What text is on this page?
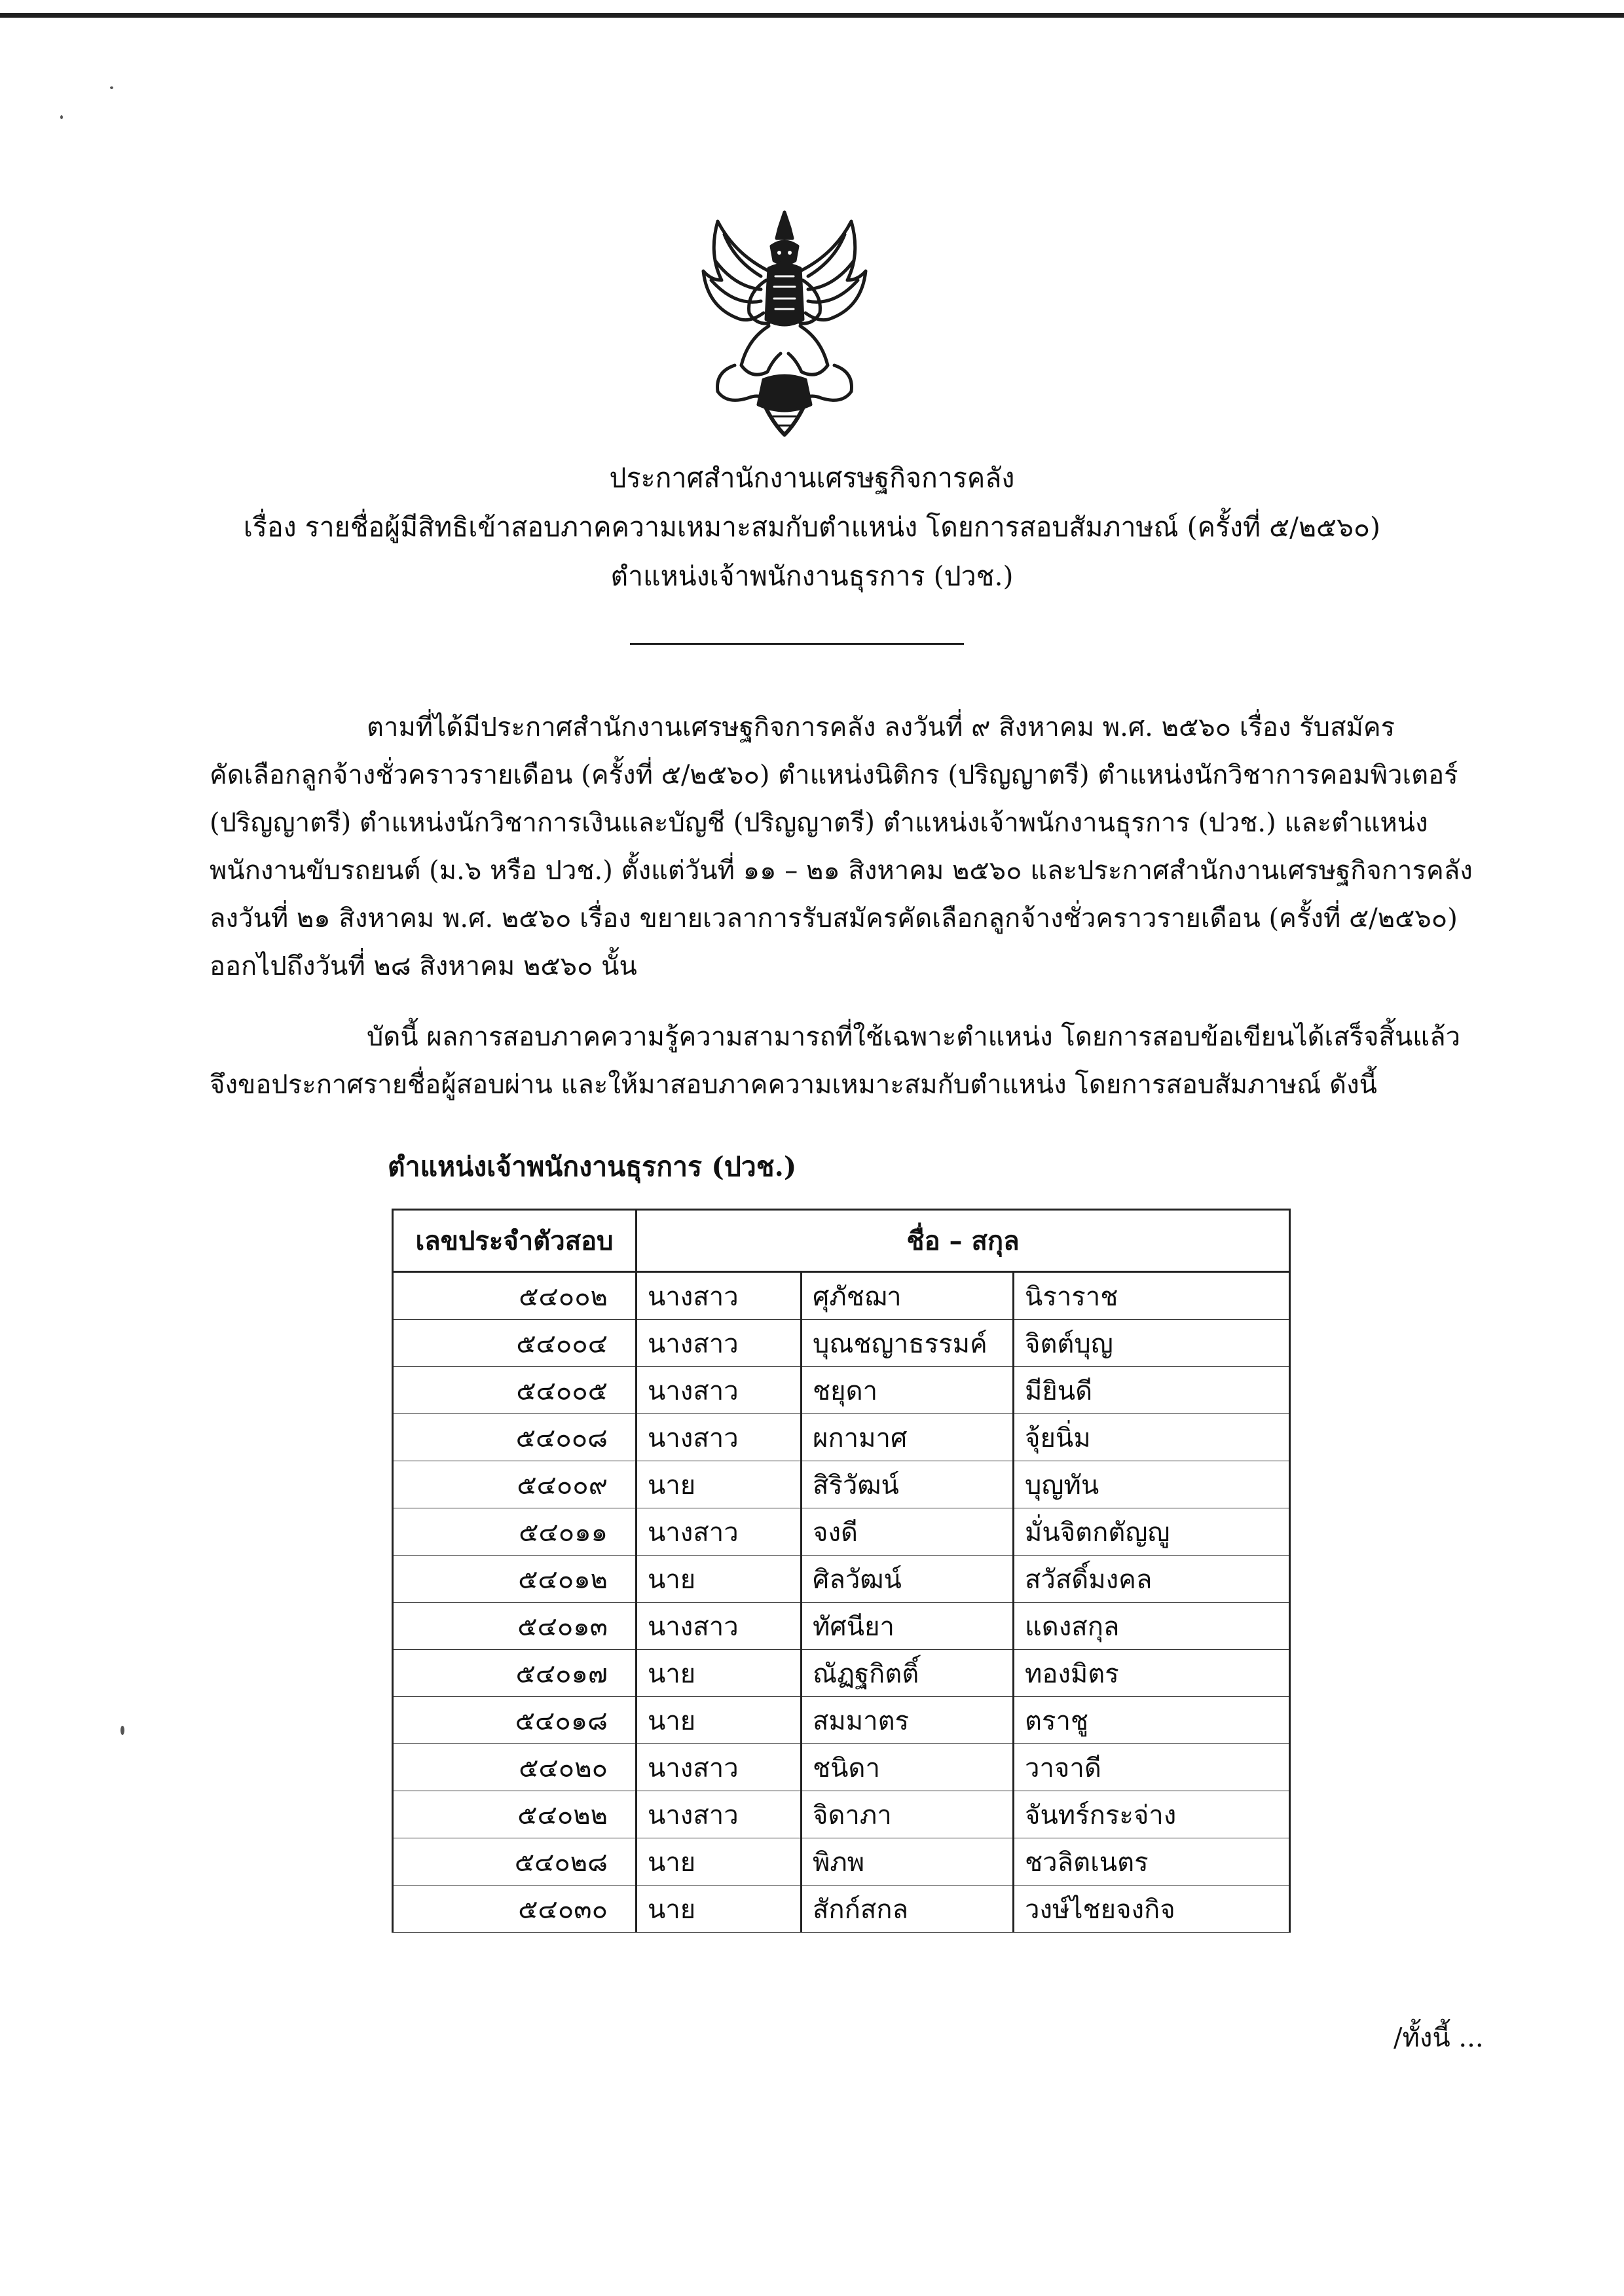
ประกาศสำนักงานเศรษฐกิจการคลัง
เรื่อง รายชื่อผู้มีสิทธิเข้าสอบภาคความเหมาะสมกับตำแหน่ง โดยการสอบสัมภาษณ์ (ครั้งที่ ๕/๒๕๖๐)
ตำแหน่งเจ้าพนักงานธุรการ (ปวช.)
ตามที่ได้มีประกาศสำนักงานเศรษฐกิจการคลัง ลงวันที่ ๙ สิงหาคม พ.ศ. ๒๕๖๐ เรื่อง รับสมัคร
คัดเลือกลูกจ้างชั่วคราวรายเดือน (ครั้งที่ ๕/๒๕๖๐) ตำแหน่งนิติกร (ปริญญาตรี) ตำแหน่งนักวิชาการคอมพิวเตอร์
(ปริญญาตรี) ตำแหน่งนักวิชาการเงินและบัญชี (ปริญญาตรี) ตำแหน่งเจ้าพนักงานธุรการ (ปวช.) และตำแหน่ง
พนักงานขับรถยนต์ (ม.๖ หรือ ปวช.) ตั้งแต่วันที่ ๑๑ – ๒๑ สิงหาคม ๒๕๖๐ และประกาศสำนักงานเศรษฐกิจการคลัง
ลงวันที่ ๒๑ สิงหาคม พ.ศ. ๒๕๖๐ เรื่อง ขยายเวลาการรับสมัครคัดเลือกลูกจ้างชั่วคราวรายเดือน (ครั้งที่ ๕/๒๕๖๐)
ออกไปถึงวันที่ ๒๘ สิงหาคม ๒๕๖๐ นั้น
บัดนี้ ผลการสอบภาคความรู้ความสามารถที่ใช้เฉพาะตำแหน่ง โดยการสอบข้อเขียนได้เสร็จสิ้นแล้ว
จึงขอประกาศรายชื่อผู้สอบผ่าน และให้มาสอบภาคความเหมาะสมกับตำแหน่ง โดยการสอบสัมภาษณ์ ดังนี้
ตำแหน่งเจ้าพนักงานธุรการ (ปวช.)
เลขประจำตัวสอบ	ชื่อ – สกุล		
๕๔๐๐๒	นางสาว	ศุภัชฌา	นิราราช
๕๔๐๐๔	นางสาว	บุณชญาธรรมค์	จิตต์บุญ
๕๔๐๐๕	นางสาว	ชยุดา	มียินดี
๕๔๐๐๘	นางสาว	ผกามาศ	จุ้ยนิ่ม
๕๔๐๐๙	นาย	สิริวัฒน์	บุญทัน
๕๔๐๑๑	นางสาว	จงดี	มั่นจิตกตัญญู
๕๔๐๑๒	นาย	ศิลวัฒน์	สวัสดิ์มงคล
๕๔๐๑๓	นางสาว	ทัศนียา	แดงสกุล
๕๔๐๑๗	นาย	ณัฏฐกิตติ์	ทองมิตร
๕๔๐๑๘	นาย	สมมาตร	ตราชู
๕๔๐๒๐	นางสาว	ชนิดา	วาจาดี
๕๔๐๒๒	นางสาว	จิดาภา	จันทร์กระจ่าง
๕๔๐๒๘	นาย	พิภพ	ชวลิตเนตร
๕๔๐๓๐	นาย	สักก์สกล	วงษ์ไชยจงกิจ
/ทั้งนี้ ...
